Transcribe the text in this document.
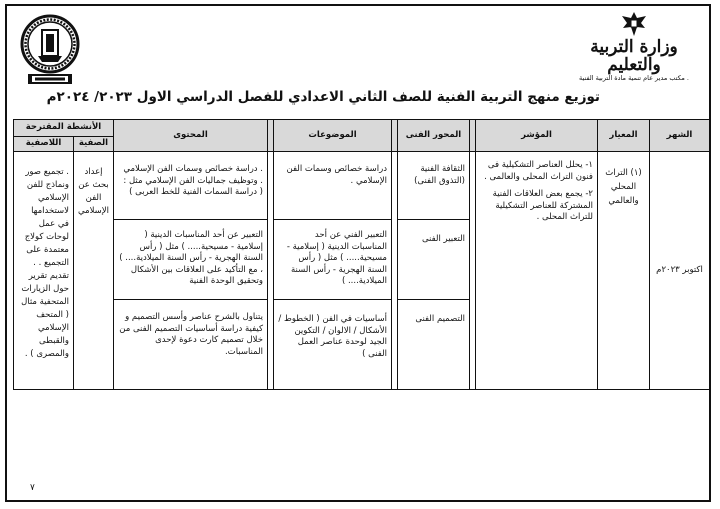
وزارة التربية والتعليم
مكتب مدير عام تنمية مادة التربية الفنية .
توزيع منهج التربية الفنية للصف الثاني الاعدادي للفصل الدراسي الاول ٢٠٢٣/ ٢٠٢٤م
الشهر	المعيار	المؤشر		المحور الفنى		الموضوعات		المحتوى	الأنشطة المقترحة	
									الصفية	اللاصفية
اكتوبر ٢٠٢٣م	(١) التراث المحلي والعالمي	١- يحلل العناصر التشكيلية فى فنون التراث المحلى والعالمى .
٢- يجمع بعض العلاقات الفنية المشتركة للعناصر التشكيلية للتراث المحلى .		الثقافة الفنية (التذوق الفنى)		دراسة خصائص وسمات الفن الإسلامي .		. دراسة خصائص وسمات الفن الإسلامي . وتوظيف جماليات الفن الإسلامي مثل : ( دراسة السمات الفنية للخط العربى )	إعداد بحث عن الفن الإسلامي	. تجميع صور ونماذج للفن الإسلامي لاستخدامها في عمل لوحات كولاج معتمدة على التجميع . . تقديم تقرير حول الزيارات المتحفية مثال ( المتحف الإسلامي والقبطى والمصرى ) .
				التعبير الفنى		التعبير الفني عن أحد المناسبات الدينية ( إسلامية - مسيحية..... ) مثل ( رأس السنة الهجرية - رأس السنة الميلادية.... )		التعبير عن أحد المناسبات الدينية ( إسلامية - مسيحية..... ) مثل ( رأس السنة الهجرية - رأس السنة الميلادية.... ) ، مع التأكيد على العلاقات بين الأشكال وتحقيق الوحدة الفنية		
				التصميم الفنى		أساسيات في الفن ( الخطوط / الأشكال / الالوان / التكوين الجيد لوحدة عناصر العمل الفنى )		يتناول بالشرح عناصر وأسس التصميم و كيفية دراسة أساسيات التصميم الفنى من خلال تصميم كارت دعوة لإحدى المناسبات.		
٧
